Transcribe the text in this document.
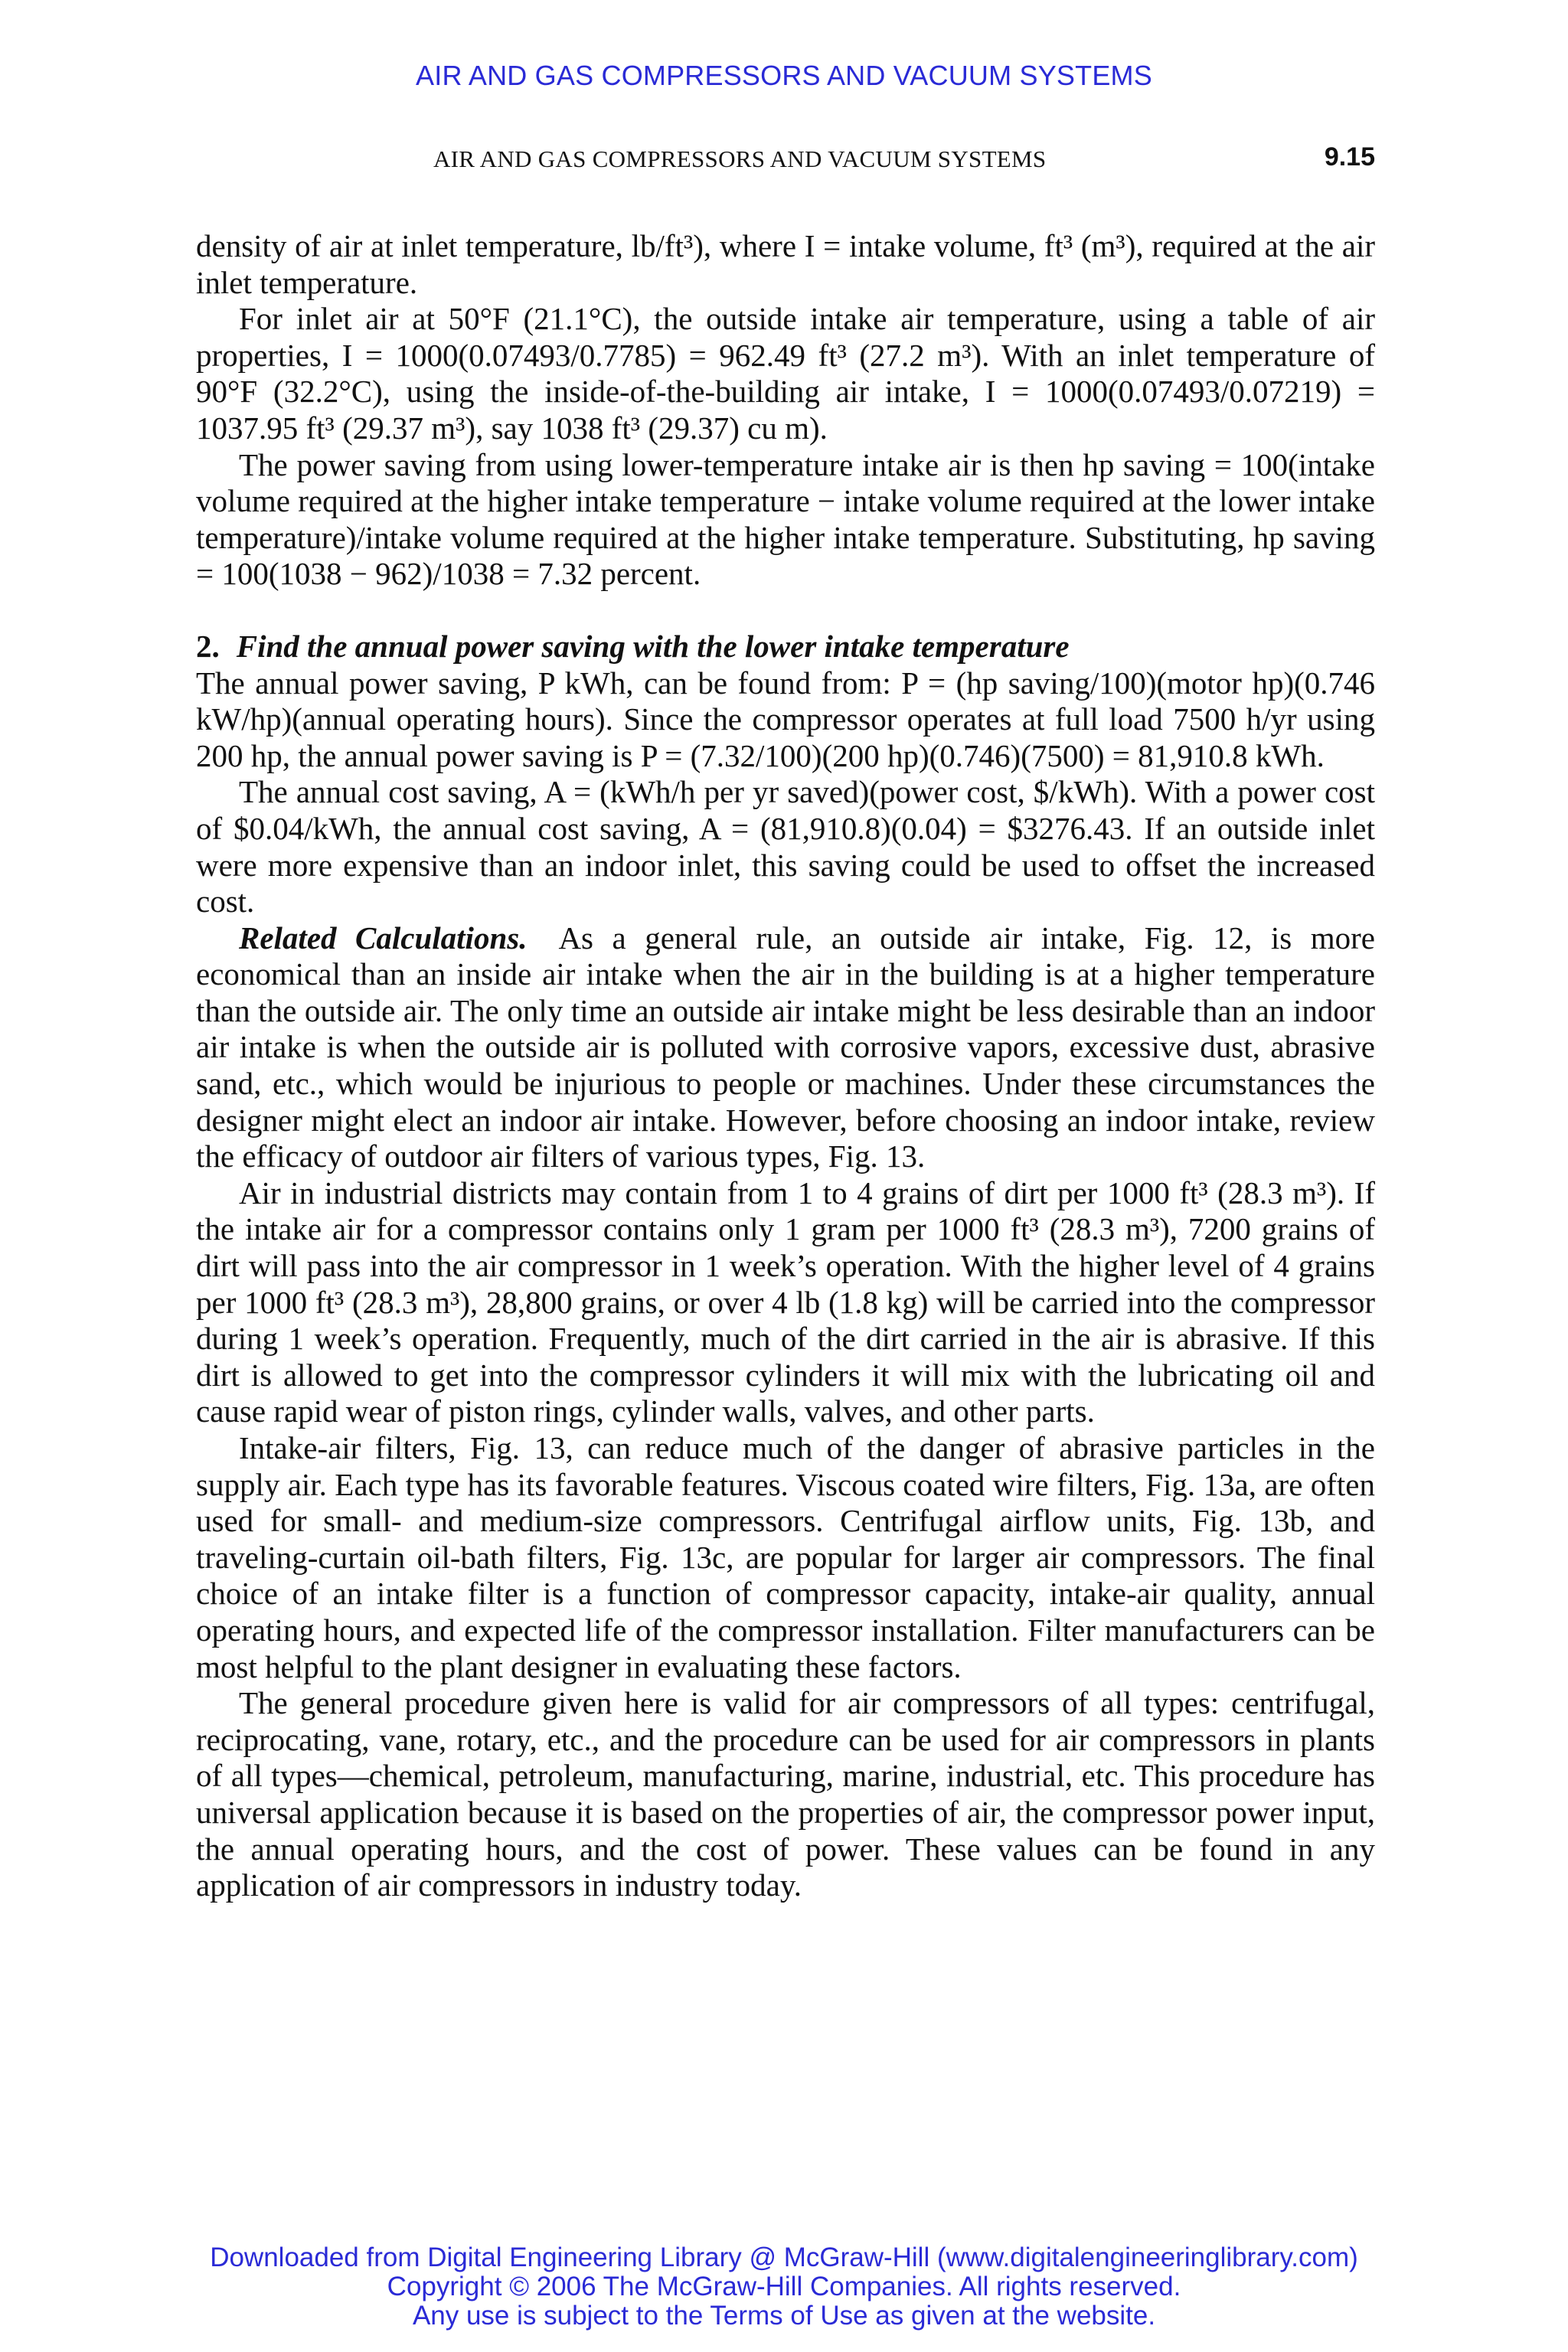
AIR AND GAS COMPRESSORS AND VACUUM SYSTEMS
AIR AND GAS COMPRESSORS AND VACUUM SYSTEMS	9.15

density of air at inlet temperature, lb/ft³), where I = intake volume, ft³ (m³), required at the air inlet temperature.

For inlet air at 50°F (21.1°C), the outside intake air temperature, using a table of air properties, I = 1000(0.07493/0.7785) = 962.49 ft³ (27.2 m³). With an inlet temperature of 90°F (32.2°C), using the inside-of-the-building air intake, I = 1000(0.07493/0.07219) = 1037.95 ft³ (29.37 m³), say 1038 ft³ (29.37) cu m).

The power saving from using lower-temperature intake air is then hp saving = 100(intake volume required at the higher intake temperature − intake volume required at the lower intake temperature)/intake volume required at the higher intake temperature. Substituting, hp saving = 100(1038 − 962)/1038 = 7.32 percent.

2. Find the annual power saving with the lower intake temperature

The annual power saving, P kWh, can be found from: P = (hp saving/100)(motor hp)(0.746 kW/hp)(annual operating hours). Since the compressor operates at full load 7500 h/yr using 200 hp, the annual power saving is P = (7.32/100)(200 hp)(0.746)(7500) = 81,910.8 kWh.

The annual cost saving, A = (kWh/h per yr saved)(power cost, $/kWh). With a power cost of $0.04/kWh, the annual cost saving, A = (81,910.8)(0.04) = $3276.43. If an outside inlet were more expensive than an indoor inlet, this saving could be used to offset the increased cost.

Related Calculations.  As a general rule, an outside air intake, Fig. 12, is more economical than an inside air intake when the air in the building is at a higher temperature than the outside air. The only time an outside air intake might be less desirable than an indoor air intake is when the outside air is polluted with corrosive vapors, excessive dust, abrasive sand, etc., which would be injurious to people or machines. Under these circumstances the designer might elect an indoor air intake. However, before choosing an indoor intake, review the efficacy of outdoor air filters of various types, Fig. 13.

Air in industrial districts may contain from 1 to 4 grains of dirt per 1000 ft³ (28.3 m³). If the intake air for a compressor contains only 1 gram per 1000 ft³ (28.3 m³), 7200 grains of dirt will pass into the air compressor in 1 week’s operation. With the higher level of 4 grains per 1000 ft³ (28.3 m³), 28,800 grains, or over 4 lb (1.8 kg) will be carried into the compressor during 1 week’s operation. Frequently, much of the dirt carried in the air is abrasive. If this dirt is allowed to get into the compressor cylinders it will mix with the lubricating oil and cause rapid wear of piston rings, cylinder walls, valves, and other parts.

Intake-air filters, Fig. 13, can reduce much of the danger of abrasive particles in the supply air. Each type has its favorable features. Viscous coated wire filters, Fig. 13a, are often used for small- and medium-size compressors. Centrifugal airflow units, Fig. 13b, and traveling-curtain oil-bath filters, Fig. 13c, are popular for larger air compressors. The final choice of an intake filter is a function of compressor capacity, intake-air quality, annual operating hours, and expected life of the compressor installation. Filter manufacturers can be most helpful to the plant designer in evaluating these factors.

The general procedure given here is valid for air compressors of all types: centrifugal, reciprocating, vane, rotary, etc., and the procedure can be used for air compressors in plants of all types—chemical, petroleum, manufacturing, marine, industrial, etc. This procedure has universal application because it is based on the properties of air, the compressor power input, the annual operating hours, and the cost of power. These values can be found in any application of air compressors in industry today.

Downloaded from Digital Engineering Library @ McGraw-Hill (www.digitalengineeringlibrary.com)
Copyright © 2006 The McGraw-Hill Companies. All rights reserved.
Any use is subject to the Terms of Use as given at the website.
